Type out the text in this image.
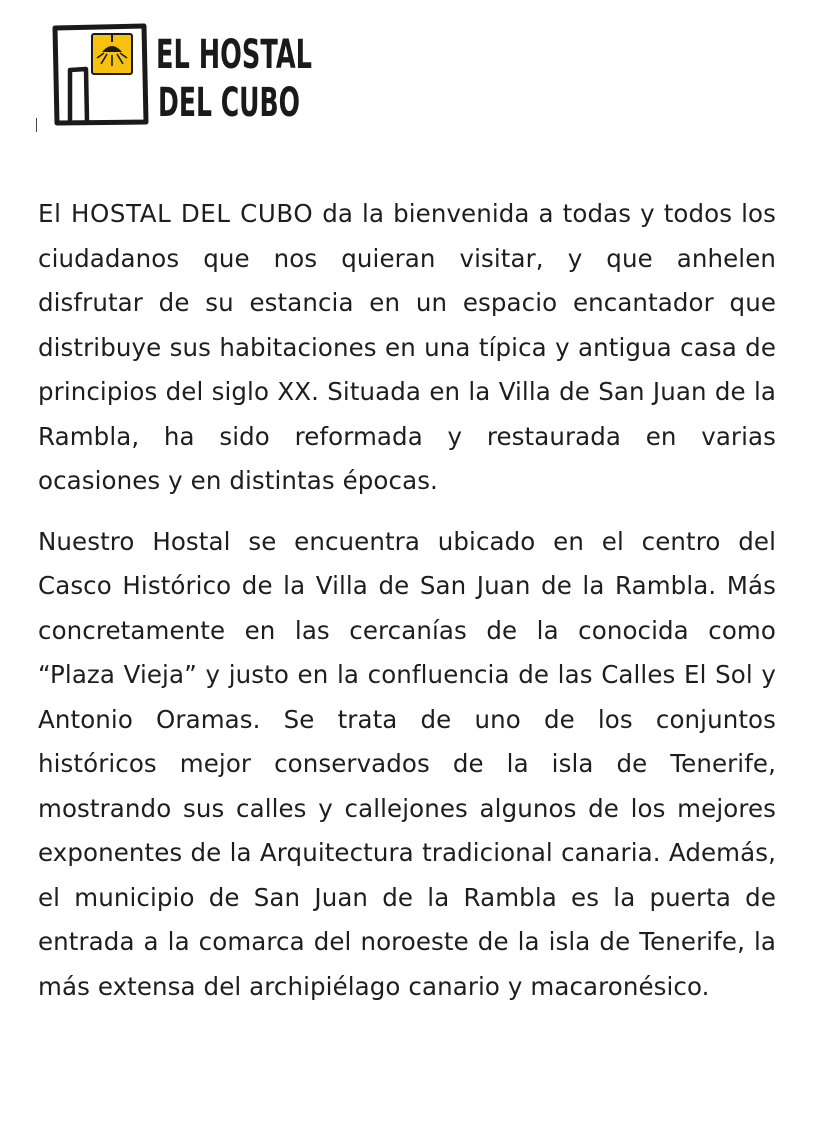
EL HOSTAL
DEL CUBO

El HOSTAL DEL CUBO da la bienvenida a todas y todos los ciudadanos que nos quieran visitar, y que anhelen disfrutar de su estancia en un espacio encantador que distribuye sus habitaciones en una típica y antigua casa de principios del siglo XX. Situada en la Villa de San Juan de la Rambla, ha sido reformada y restaurada en varias ocasiones y en distintas épocas.

Nuestro Hostal se encuentra ubicado en el centro del Casco Histórico de la Villa de San Juan de la Rambla. Más concretamente en las cercanías de la conocida como “Plaza Vieja” y justo en la confluencia de las Calles El Sol y Antonio Oramas. Se trata de uno de los conjuntos históricos mejor conservados de la isla de Tenerife, mostrando sus calles y callejones algunos de los mejores exponentes de la Arquitectura tradicional canaria. Además, el municipio de San Juan de la Rambla es la puerta de entrada a la comarca del noroeste de la isla de Tenerife, la más extensa del archipiélago canario y macaronésico.
